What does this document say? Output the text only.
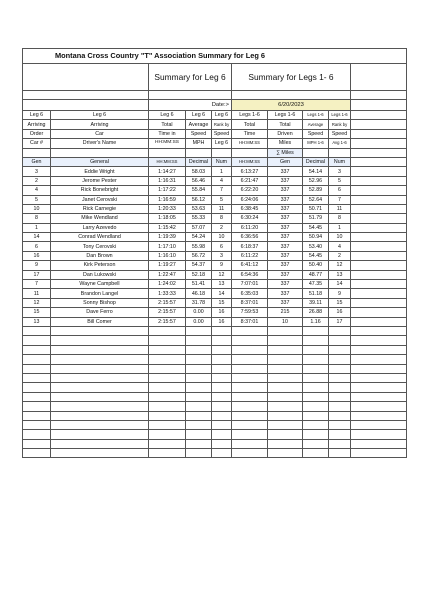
Montana Cross Country "T" Association Summary for Leg 6									
		Summary for Leg 6			Summary for Legs 1- 6				

		Date:>			6/20/2023				
Leg 6	Leg 6	Leg 6	Leg 6	Leg 6	Legs 1-6	Legs 1-6	Legs 1-6	Legs 1-6	
Arriving	Arriving	Total	Average	Rank by	Total	Total	Average	Rank by	
Order	Car	Time in	Speed	Speed	Time	Driven	Speed	Speed	
Car #	Driver's Name	HH:MM:SS	MPH	Leg 6	HH:MM:SS	Miles	MPH 1-6	Avg 1-6	
						∑ Miles			
Gen	General	HH:MM:SS	Decimal	Num	HH:MM:SS	Gen	Decimal	Num	
3	Eddie Wright	1:14:27	58.03	1	6:13:27	337	54.14	3	
2	Jerome Pester	1:16:31	56.46	4	6:21:47	337	52.96	5	
4	Rick Bonebright	1:17:22	55.84	7	6:22:20	337	52.89	6	
5	Janet Cerovski	1:16:59	56.12	5	6:24:06	337	52.64	7	
10	Rick Carnegie	1:20:33	53.63	11	6:38:45	337	50.71	11	
8	Mike Wendland	1:18:05	55.33	8	6:30:24	337	51.79	8	
1	Larry Azevedo	1:15:42	57.07	2	6:11:20	337	54.45	1	
14	Conrad Wendland	1:19:39	54.24	10	6:36:56	337	50.94	10	
6	Tony Cerovski	1:17:10	55.98	6	6:18:37	337	53.40	4	
16	Dan Brown	1:16:10	56.72	3	6:11:22	337	54.45	2	
9	Kirk Peterson	1:19:27	54.37	9	6:41:12	337	50.40	12	
17	Dan Lukowski	1:22:47	52.18	12	6:54:36	337	48.77	13	
7	Wayne Campbell	1:24:02	51.41	13	7:07:01	337	47.35	14	
11	Brandon Langel	1:33:33	46.18	14	6:35:03	337	51.18	9	
12	Sonny Bishop	2:15:57	31.78	15	8:37:01	337	39.11	15	
15	Dave Ferro	2:15:57	0.00	16	7:59:53	215	26.88	16	
13	Bill Comer	2:15:57	0.00	16	8:37:01	10	1.16	17	
